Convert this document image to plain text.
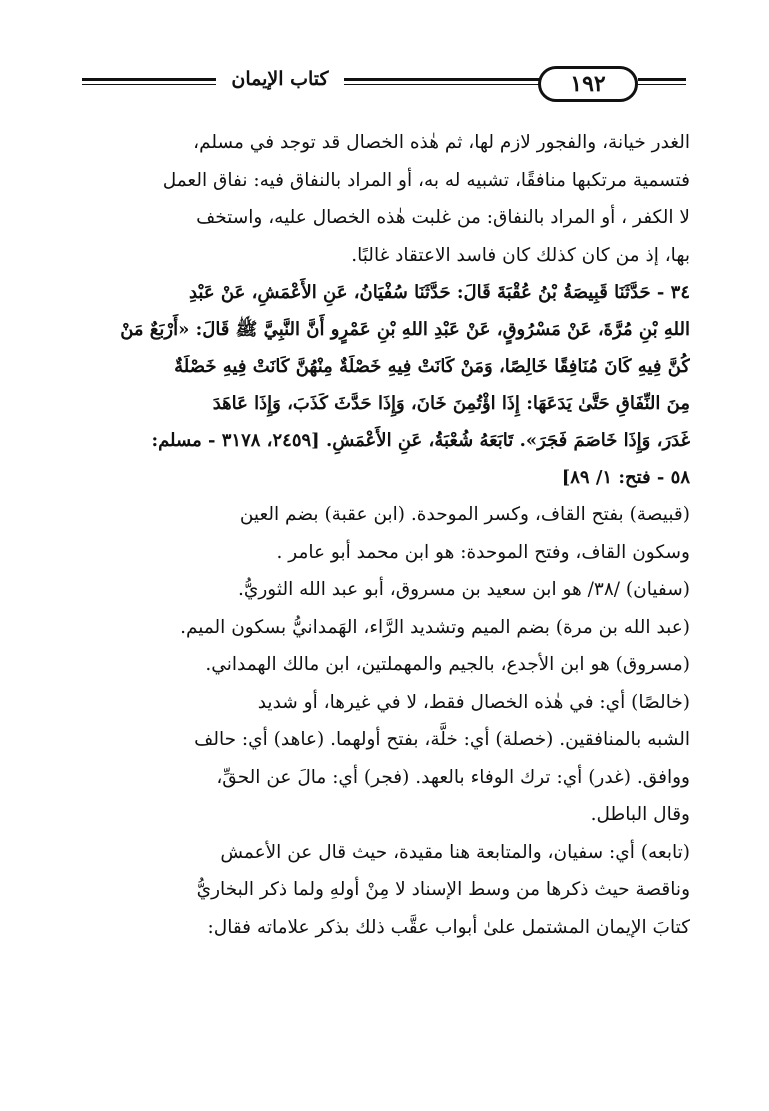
كتاب الإيمان	١٩٢
الغدر خيانة، والفجور لازم لها، ثم هٰذه الخصال قد توجد في مسلم،
فتسمية مرتكبها منافقًا، تشبيه له به، أو المراد بالنفاق فيه: نفاق العمل
لا الكفر ، أو المراد بالنفاق: من غلبت هٰذه الخصال عليه، واستخف
بها، إذ من كان كذلك كان فاسد الاعتقاد غالبًا.
٣٤ - حَدَّثَنَا قَبِيصَةُ بْنُ عُقْبَةَ قَالَ: حَدَّثَنَا سُفْيَانُ، عَنِ الأَعْمَشِ، عَنْ عَبْدِ
اللهِ بْنِ مُرَّةَ، عَنْ مَسْرُوقٍ، عَنْ عَبْدِ اللهِ بْنِ عَمْرٍو أَنَّ النَّبِيَّ ﷺ قَالَ: «أَرْبَعٌ مَنْ
كُنَّ فِيهِ كَانَ مُنَافِقًا خَالِصًا، وَمَنْ كَانَتْ فِيهِ خَصْلَةٌ مِنْهُنَّ كَانَتْ فِيهِ خَصْلَةٌ
مِنَ النِّفَاقِ حَتَّىٰ يَدَعَهَا: إِذَا اؤْتُمِنَ خَانَ، وَإِذَا حَدَّثَ كَذَبَ، وَإِذَا عَاهَدَ
غَدَرَ، وَإِذَا خَاصَمَ فَجَرَ». تَابَعَهُ شُعْبَةُ، عَنِ الأَعْمَشِ. [٢٤٥٩، ٣١٧٨ - مسلم:
٥٨ - فتح: ١/ ٨٩]
(قبيصة) بفتح القاف، وكسر الموحدة. (ابن عقبة) بضم العين
وسكون القاف، وفتح الموحدة: هو ابن محمد أبو عامر .
(سفيان) /٣٨/ هو ابن سعيد بن مسروق، أبو عبد الله الثوريُّ.
(عبد الله بن مرة) بضم الميم وتشديد الرَّاء، الهَمدانيُّ بسكون الميم.
(مسروق) هو ابن الأجدع، بالجيم والمهملتين، ابن مالك الهمداني.
(خالصًا) أي: في هٰذه الخصال فقط، لا في غيرها، أو شديد
الشبه بالمنافقين. (خصلة) أي: خلَّة، بفتح أولهما. (عاهد) أي: حالف
ووافق. (غدر) أي: ترك الوفاء بالعهد. (فجر) أي: مالَ عن الحقِّ،
وقال الباطل.
(تابعه) أي: سفيان، والمتابعة هنا مقيدة، حيث قال عن الأعمش
وناقصة حيث ذكرها من وسط الإسناد لا مِنْ أولهِ ولما ذكر البخاريُّ
كتابَ الإيمان المشتمل علىٰ أبواب عقَّب ذلك بذكر علاماته فقال:
